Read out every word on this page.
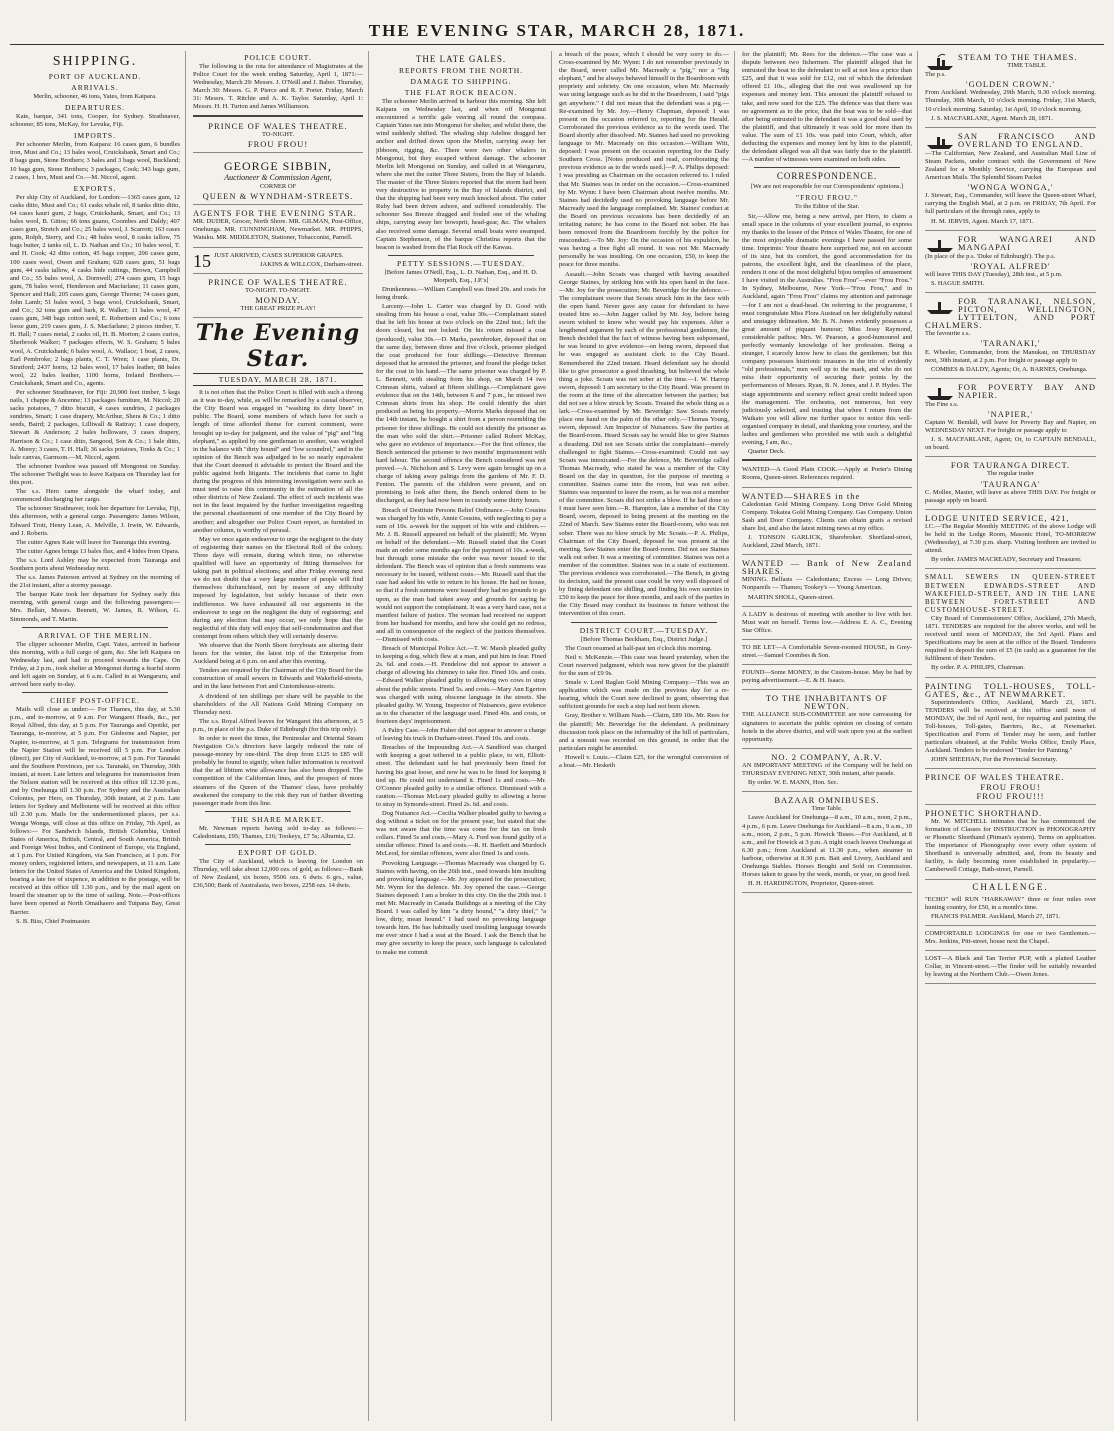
THE EVENING STAR, MARCH 28, 1871.
SHIPPING.
PORT OF AUCKLAND.
ARRIVALS.

Merlin, schooner, 46 tons, Yates, from Kaipara.

DEPARTURES.

Kate, barque, 341 tons, Cooper, for Sydney. Strathnaver, schooner, 85 tons, McKay, for Levuka, Fiji.

IMPORTS.

Per schooner Merlin, from Kaipara: 16 cases gum, 6 bundles iron, Must and Co.; 13 bales wool, Cruickshank, Smart and Co.; 8 bags gum, Stone Brothers; 3 bales and 3 bags wool, Buckland; 10 bags gum, Stone Brothers; 3 packages, Cook; 343 bags gum, 2 cases, 1 box, Must and Co.—M. Niccol, agent.

EXPORTS.

Per ship City of Auckland, for London:—1365 cases gum, 12 casks ditto, Must and Co.; 61 casks whale oil, 8 tanks ditto ditto, 64 cases kauri gum, 2 bags, Cruickshank, Smart, and Co.; 13 bales wool, B. Gittos; 66 tons guano, Coombes and Daldy; 407 cases gum, Stretch and Co.; 25 bales wool, J. Scarrott; 163 cases gum, Rolph, Sterry, and Co.; 48 bales wool, 8 casks tallow, 75 bags butter, 2 tanks oil, L. D. Nathan and Co.; 10 bales wool, T. and H. Cook; 42 ditto cotton, 45 bags copper, 206 cases gum, 100 cases wool, Owen and Graham; 628 cases gum, 51 bags gum, 44 casks tallow, 4 casks hide cuttings, Brown, Campbell and Co.; 55 bales wool, A. Dornwell; 274 cases gum, 15 bags gum, 78 bales wool, Henderson and Macfarlane; 11 cases gum, Spencer and Hall; 205 cases gum, George Thorne; 74 cases gum, John Lamb; 51 bales wool, 3 bags wool, Cruickshank, Smart, and Co.; 32 tons gum and bark, R. Walker; 11 bales wool, 47 cases gum, 348 bags cotton seed, E. Robertson and Co.; 6 tons loose gum, 219 cases gum, J. S. Macfarlane; 2 pieces timber, T. H. Hall; 7 cases metal, 2 casks oil, H. B. Morton; 2 cases curios, Sherbrook Walker; 7 packages effects, W. S. Graham; 5 bales wool, A. Cruickshank; 6 bales wool, A. Wallace; 1 boat, 2 cases, Earl Pembroke; 2 bags plants, C. T. Wren; 1 case plants, Dr. Stratford; 2437 horns, 12 bales wool, 17 bales leather, 88 bales wool, 22 bales leather, 1100 horns, Ireland Brothers.—Cruickshank, Smart and Co., agents.

Per schooner Strathnaver, for Fiji: 20,900 feet timber, 5 kegs nails, 1 chappe & Ancenne; 13 packages furniture, M. Niccol; 20 sacks potatoes, 7 ditto biscuit, 4 cases sundries, 2 packages sundries, Smart; 1 case drapery, McArthur, Shera & Co.; 1 ditto seeds, Baird; 2 packages, Lilliwall & Rattray; 1 case drapery, Stewart & Anderson; 2 bales holloware, 3 cases drapery, Harrison & Co.; 1 case ditto, Sangood, Son & Co.; 1 bale ditto, A. Morey; 3 cases, T. H. Hall; 36 sacks potatoes, Tonks & Co.; 1 bale canvas, Garmson.—M. Niccol, agent.

The schooner Ivanhoe was passed off Mongonui on Sunday. The schooner Twilight was to leave Kaipara on Thursday last for this port.

The s.s. Hero came alongside the wharf today, and commenced discharging her cargo.

The schooner Strathnaver, took her departure for Levuka, Fiji, this afternoon, with a general cargo. Passengers: James Wilson, Edward Trott, Henry Lean, A. Melville, J. Irwin, W. Edwards, and J. Roberts.

The cutter Agnes Kate will leave for Tauranga this evening.

The cutter Agnes brings 13 bales flax, and 4 hides from Opara.

The s.s. Lord Ashley may be expected from Tauranga and Southern ports about Wednesday next.

The s.s. James Paterson arrived at Sydney on the morning of the 21st instant, after a stormy passage.

The barque Kate took her departure for Sydney early this morning, with general cargo and the following passengers:—Mrs. Bellair, Messrs. Bennett, W. James, R. Wilson, G. Simmonds, and T. Martin.

ARRIVAL OF THE MERLIN.

The clipper schooner Merlin, Capt. Yates, arrived in harbour this morning, with a full cargo of gum, &c. She left Kaipara on Wednesday last, and had to proceed towards the Cape. On Friday, at 2 p.m., took shelter at Mongonui during a fearful storm and left again on Sunday, at 6 a.m. Called in at Wangaruru, and arrived here early to-day.

CHIEF POST-OFFICE.

Mails will close as under:— For Thames, this day, at 5.30 p.m., and to-morrow, at 9 a.m. For Wangarei Heads, &c., per Royal Alfred, this day, at 5 p.m. For Tauranga and Opotiki, per Tauranga, to-morrow, at 5 p.m. For Gisborne and Napier, per Napier, to-morrow, at 5 p.m. Telegrams for transmission from the Napier Station will be received till 5 p.m. For London (direct), per City of Auckland, to-morrow, at 5 p.m. For Taranaki and the Southern Provinces, per s.s. Taranaki, on Thursday, 30th instant, at noon. Late letters and telegrams for transmission from the Nelson station will be received at this office till 12.30 p.m., and by Onehunga till 1.30 p.m. For Sydney and the Australian Colonies, per Hero, on Thursday, 30th instant, at 2 p.m. Late letters for Sydney and Melbourne will be received at this office till 2.30 p.m. Mails for the undermentioned places, per s.s. Wonga Wonga, will close at this office on Friday, 7th April, as follows:— For Sandwich Islands, British Columbia, United States of America, British, Central, and South America, British and Foreign West Indies, and Continent of Europe, via England, at 1 p.m. For United Kingdom, via San Francisco, at 1 p.m. For money orders, registered letters, and newspapers, at 11 a.m. Late letters for the United States of America and the United Kingdom, bearing a late fee of sixpence, in addition to the postage, will be received at this office till 1.30 p.m., and by the mail agent on board the steamer up to the time of sailing. Note.—Post-offices have been opened at North Omaihaero and Tuipana Bay, Great Barrier.

S. B. Biss, Chief Postmaster.

POLICE COURT.

The following is the rota for attendance of Magistrates at the Police Court for the week ending Saturday, April 1, 1871:— Wednesday, March 29: Messrs. J. O'Neill and J. Baber. Thursday, March 30: Messrs. G. P. Pierce and R. F. Porter. Friday, March 31: Messrs. T. Ritchie and A. K. Taylor. Saturday, April 1: Messrs. H. H. Turton and James Williamson.

PRINCE OF WALES THEATRE.

TO-NIGHT.

FROU FROU!

GEORGE SIBBIN,

Auctioneer & Commission Agent,

CORNER OF

QUEEN & WYNDHAM-STREETS.

AGENTS FOR THE EVENING STAR.

MR. DUDER, Grocer, North Shore. MR. GILMAN, Post-Office, Onehunga. MR. CUNNINGHAM, Newmarket. MR. PHIPPS, Waiuku. MR. MIDDLETON, Stationer, Tobacconist, Parnell.

15 JUST ARRIVED, CASES SUPERIOR GRAPES.

JAKINS & WILLCOX, Durham-street.

PRINCE OF WALES THEATRE.

TO-NIGHT. TO-NIGHT.

MONDAY.

THE GREAT PRIZE PLAY!

The Evening Star.
TUESDAY, MARCH 28, 1871.

It is not often that the Police Court is filled with such a throng as it was to-day, while, as will be remarked by a casual observer, the City Board was engaged in "washing its dirty linen" in public. The Board, some members of which have for such a length of time afforded theme for current comment, were brought up to-day for judgment, and the value of "pig" and "big elephant," as applied by one gentleman to another, was weighed in the balance with "dirty hound" and "low scoundrel," and in the opinion of the Bench was adjudged to be so nearly equivalent that the Court deemed it advisable to protect the Board and the public against both litigants. The incidents that came to light during the progress of this interesting investigation were such as must tend to raise this community in the estimation of all the other districts of New Zealand. The effect of such incidents was not in the least impaired by the further investigation regarding the personal chastisement of one member of the City Board by another; and altogether our Police Court report, as furnished in another column, is worthy of perusal.

May we once again endeavour to urge the negligent to the duty of registering their names on the Electoral Roll of the colony. Three days will remain, during which time, no otherwise qualified will have an opportunity of fitting themselves for taking part in political elections; and after Friday evening next we do not doubt that a very large number of people will find themselves disfranchised, not by reason of any difficulty imposed by legislation, but solely because of their own indifference. We have exhausted all our arguments in the endeavour to urge on the negligent the duty of registering; and during any election that may occur, we only hope that the neglectful of this duty will enjoy that self-condemnation and that contempt from others which they will certainly deserve.

We observe that the North Shore ferryboats are altering their hours for the winter, the latest trip of the Enterprise from Auckland being at 6 p.m. on and after this evening.

Tenders are required by the Chairman of the City Board for the construction of small sewers in Edwards and Wakefield-streets, and in the lane between Fort and Customhouse-streets.

A dividend of ten shillings per share will be payable to the shareholders of the All Nations Gold Mining Company on Thursday next.

The s.s. Royal Alfred leaves for Wangarei this afternoon, at 5 p.m., in place of the p.s. Duke of Edinburgh (for this trip only).

In order to meet the times, the Peninsular and Oriental Steam Navigation Co.'s directors have largely reduced the rate of passage-money by one-third. The drop from £125 to £85 will probably be found to signify, when fuller information is received that the ad libitum wine allowance has also been dropped. The competition of the Californian lines, and the prospect of more steamers of the Queen of the Thames' class, have probably awakened the company to the risk they run of further diverting passenger trade from this line.

THE SHARE MARKET.

Mr. Newman reports having sold to-day as follows:—Caledonians, £95; Thames, £16; Tookeys, £7 5s; Alburnia, £2.

EXPORT OF GOLD.

The City of Auckland, which is leaving for London on Thursday, will take about 12,000 ozs. of gold, as follows:—Bank of New Zealand, six boxes, 9506 ozs. 6 dwts. 6 grs., value, £36,500; Bank of Australasia, two boxes, 2258 ozs. 14 dwts.

THE LATE GALES.
REPORTS FROM THE NORTH.
DAMAGE TO SHIPPING.
THE FLAT ROCK BEACON.

The schooner Merlin arrived in harbour this morning. She left Kaipara on Wednesday last, and when off Mongonui encountered a terrific gale veering all round the compass. Captain Yates ran into Mongonui for shelter, and whilst there, the wind suddenly shifted. The whaling ship Adeline dragged her anchor and drifted down upon the Merlin, carrying away her jibboom, rigging, &c. There were two other whalers in Mongonui, but they escaped without damage. The schooner Merlin left Mongonui on Sunday, and called in at Wangaruru, where she met the cutter Three Sisters, from the Bay of Islands. The master of the Three Sisters reported that the storm had been very destructive to property in the Bay of Islands district, and that the shipping had been very much knocked about. The cutter Ruby had been driven ashore, and suffered considerably. The schooner Sea Breeze dragged and fouled one of the whaling ships, carrying away her bowsprit, head-gear, &c. The whalers also received some damage. Several small boats were swamped. Captain Stephenson, of the barque Christina reports that the beacon is washed from the Flat Rock off the Kawau.

PETTY SESSIONS.—TUESDAY.

[Before James O'Neill, Esq., L. D. Nathan, Esq., and H. D. Morpeth, Esq., J.P.'s]

Drunkenness.—William Campbell was fined 20s. and costs for being drunk.

Larceny.—John L. Carter was charged by D. Good with stealing from his house a coat, value 30s.—Complainant stated that he left his house at two o'clock on the 22nd inst.; left the doors closed, but not locked. On his return missed a coat (produced), value 30s.—D. Marks, pawnbroker, deposed that on the same day, between three and five o'clock, prisoner pledged the coat produced for four shillings.—Detective Brennan deposed that he arrested the prisoner, and found the pledge ticket for the coat in his hand.—The same prisoner was charged by P. L. Bennett, with stealing from his shop, on March 14 two Crimean shirts, valued at fifteen shillings.—Complainant gave evidence that on the 14th, between 6 and 7 p.m., he missed two Crimean shirts from his shop. He could identify the shirt produced as being his property.—Morris Marks deposed that on the 14th instant, he bought a shirt from a person resembling the prisoner for three shillings. He could not identify the prisoner as the man who sold the shirt.—Prisoner called Robert McKay, who gave no evidence of importance.—For the first offence, the Bench sentenced the prisoner to two months' imprisonment with hard labour. The second offence the Bench considered was not proved.—A. Nicholson and S. Levy were again brought up on a charge of taking away palings from the gardens of Mr. F. D. Fenton. The parents of the children were present, and on promising to look after them, the Bench ordered them to be discharged, as they had now been in custody some thirty hours.

Breach of Destitute Persons Relief Ordinance.—John Cousins was charged by his wife, Annie Cousins, with neglecting to pay a sum of 10s. a-week for the support of his wife and children.—Mr. J. B. Russell appeared on behalf of the plaintiff; Mr. Wynn on behalf of the defendant.—Mr. Russell stated that the Court made an order some months ago for the payment of 10s. a-week, but through some mistake the order was never issued to the defendant. The Bench was of opinion that a fresh summons was necessary to be issued, without costs.—Mr. Russell said that the case had asked his wife to return to his house. He had no house, so that if a fresh summons were issued they had no grounds to go upon, as the man had taken away and grounds for saying he would not support the complainant. It was a very hard case, not a manifest failure of justice. The woman had received no support from her husband for months, and how she could get no redress, and all in consequence of the neglect of the justices themselves.—Dismissed with costs.

Breach of Municipal Police Act.—T. W. Marsh pleaded guilty to keeping a dog, which flew at a man, and put him in fear. Fined 2s. 6d. and costs.—H. Pendelow did not appear to answer a charge of allowing his chimney to take fire. Fined 10s. and costs.—Edward Walker pleaded guilty to allowing two cows to stray about the public streets. Fined 5s. and costs.—Mary Ann Egerton was charged with using obscene language in the streets. She pleaded guilty. W. Young, Inspector of Nuisances, gave evidence as to the character of the language used. Fined 40s. and costs, or fourteen days' imprisonment.

A Paltry Case.—John Fisher did not appear to answer a charge of leaving his truck in Durham-street. Fined 10s. and costs.

Breaches of the Impounding Act.—A Sandford was charged with keeping a goat tethered in a public place, to wit, Elliott-street. The defendant said he had previously been fined for having his goat loose, and now he was to be fined for keeping it tied up. He could not understand it. Fined 1s and costs.—Mr. O'Connor pleaded guilty to a similar offence. Dismissed with a caution.—Thomas McLeary pleaded guilty to allowing a horse to stray in Symonds-street. Fined 2s. 6d. and costs.

Dog Nuisance Act.—Cecilia Walker pleaded guilty to having a dog without a ticket on for the present year, but stated that she was not aware that the time was come for the tax on fresh collars. Fined 5s and costs.—Mary A. Ford was found guilty of a similar offence. Fined 1s and costs.—R. H. Bartlett and Murdoch McLeod, for similar offences, were also fined 1s and costs.

Provoking Language.—Thomas Macready was charged by G. Staines with having, on the 26th inst., used towards him insulting and provoking language.—Mr. Joy appeared for the prosecution; Mr. Wynn for the defence. Mr. Joy opened the case.—George Staines deposed: I am a broker in this city. On the the 20th inst. I met Mr. Macready in Canada Buildings at a meeting of the City Board. I was called by him "a dirty hound," "a dirty thief," "a low, dirty, mean hound." I had used no provoking language towards him. He has habitually used insulting language towards me ever since I had a seat at the Board. I ask the Bench that he may give security to keep the peace, such language is calculated to make me commit

a breach of the peace, which I should be very sorry to do.—Cross-examined by Mr. Wynn: I do not remember previously in the Board, never called Mr. Macready a "pig," nor a "big elephant," and he always behaved himself in the Boardroom with propriety and sobriety. On one occasion, when Mr. Macready was using language such as he did in the Boardroom, I said "pigs get anywhere." I did not mean that the defendant was a pig.—Re-examined by Mr. Joy.—Henry Chapman, deposed: I was present on the occasion referred to, reporting for the Herald. Corroborated the previous evidence as to the words used. The Board shortly after dissolved. Mr. Staines had used no provoking language to Mr. Macready on this occasion.—William Witt, deposed: I was present on the occasion reporting for the Daily Southern Cross. [Notes produced and read, corroborating the previous evidence as to the words used.]—P. A. Philips deposed: I was presiding as Chairman on the occasion referred to. I ruled that Mr. Staines was in order on the occasion.—Cross-examined by Mr. Wynn: I have been Chairman about twelve months. Mr. Staines had decidedly used no provoking language before Mr. Macready used the language complained. Mr. Staines' conduct at the Board on previous occasions has been decidedly of an irritating nature; he has come to the Board not sober. He has been removed from the Boardroom forcibly by the police for misconduct.—To Mr. Joy: On the occasion of his expulsion, he was having a free fight all round. It was not Mr. Macready personally he was insulting. On one occasion, £50, to keep the peace for three months.

Assault.—John Scoats was charged with having assaulted George Staines, by striking him with his open hand in the face.—Mr. Joy for the prosecution; Mr. Beveridge for the defence.—The complainant swore that Scoats struck him in the face with the open hand. Never gave any cause for defendant to have treated him so.—John Jagger called by Mr. Joy, before being sworn wished to know who would pay his expenses. After a lengthened argument by each of the professional gentlemen, the Bench decided that the fact of witness having been subpoenaed, he was bound to give evidence—on being sworn, deposed that he was engaged as assistant clerk to the City Board. Remembered the 22nd instant. Heard defendant say he should like to give prosecutor a good thrashing, but believed the whole thing a joke. Scoats was not sober at the time.—I. W. Harrop sworn, deposed: I am secretary to the City Board. Was present in the room at the time of the altercation between the parties; but did not see a blow struck by Scoats. Treated the whole thing as a lark.—Cross-examined by Mr. Beveridge: Saw Scoats merely place one hand on the palm of the other only.—Thomas Young, sworn, deposed: Am Inspector of Nuisances. Saw the parties at the Board-room. Heard Scoats say he would like to give Staines a thrashing. Did not see Scoats strike the complainant—merely challenged to fight Staines.—Cross-examined: Could not say Scoats was intoxicated.—For the defence, Mr. Beveridge called Thomas Macready, who stated he was a member of the City Board on the day in question, for the purpose of meeting a committee. Staines came into the room, but was not sober. Staines was requested to leave the room, as he was not a member of the committee. Scoats did not strike a blow. If he had done so I must have seen him.—R. Hampton, late a member of the City Board, sworn, deposed to being present at the meeting on the 22nd of March. Saw Staines enter the Board-room, who was not sober. There was no blow struck by Mr. Scoats.—P. A. Philips, Chairman of the City Board, deposed he was present at the meeting. Saw Staines enter the Board-room. Did not see Staines walk out sober. It was a meeting of committee. Staines was not a member of the committee. Staines was in a state of excitement. The previous evidence was corroborated.—The Bench, in giving its decision, said the present case could be very well disposed of by fining defendant one shilling, and finding his own sureties in £50 to keep the peace for three months, and each of the parties in the City Board may conduct its business in future without the intervention of this court.

DISTRICT COURT.—TUESDAY.

[Before Thomas Beckham, Esq., District Judge.]

The Court resumed at half-past ten o'clock this morning.

Neil v. McKenzie.—This case was heard yesterday, when the Court reserved judgment, which was now given for the plaintiff for the sum of £9 9s.

Smale v. Lord Raglan Gold Mining Company.—This was an application which was made on the previous day for a re-hearing, which the Court now declined to grant, observing that sufficient grounds for such a step had not been shown.

Gray, Brother v. William Nash.—Claim, £89 10s. Mr. Rees for the plaintiff; Mr. Beveridge for the defendant. A preliminary discussion took place on the informality of the bill of particulars, and a nonsuit was recorded on this ground, in order that the particulars might be amended.

Howell v. Louis.—Claim £25, for the wrongful conversion of a boat.—Mr. Hesketh

for the plaintiff; Mr. Rees for the defence.—The case was a dispute between two fishermen. The plaintiff alleged that he entrusted the boat to the defendant to sell at not less a price than £25, and that it was sold for £12, out of which the defendant offered £1 10s., alleging that the rest was swallowed up for expenses and money lent. This amount the plaintiff refused to take, and now sued for the £25. The defence was that there was no agreement as to the price, that the boat was to be sold—that after being entrusted to the defendant it was a good deal used by the plaintiff, and that ultimately it was sold for more than its value. The sum of £1 10s. was paid into Court, which, after deducting the expenses and money lent by him to the plaintiff, the defendant alleged was all that was fairly due to the plaintiff.—A number of witnesses were examined on both sides.

CORRESPONDENCE.

[We are not responsible for our Correspondents' opinions.]

"FROU FROU."

To the Editor of the Star.

Sir,—Allow me, being a new arrival, per Hero, to claim a small space in the columns of your excellent journal, to express my thanks to the lessee of the Prince of Wales Theatre, for one of the most enjoyable dramatic evenings I have passed for some time. Imprimis: Your theatre here surprised me, not on account of its size, but its comfort, the good accommodation for its patrons, the excellent light, and the cleanliness of the place, renders it one of the most delightful bijou temples of amusement I have visited in the Australias. "Frou Frou"—ever "Frou Frou." In Sydney, Melbourne, New York—"Frou Frou," and in Auckland, again "Frou Frou" claims my attention and patronage—for I am not a dead-head. On referring to the programme, I must congratulate Miss Flora Austead on her delightfully natural and unstagey delineation. Mr. B. N. Jones evidently possesses a great amount of piquant humour; Miss Jessy Raymond, considerable pathos; Mrs. W. Pearson, a good-humoured and perfectly womanly knowledge of her profession. Being a stranger, I scarcely know how to class the gentlemen; but this company possesses histrionic treasures in the trio of evidently "old professionals," men well up to the mark, and who do not miss their opportunity of securing their points by the performances of Messrs. Ryan, B. N. Jones, and J. P. Hydes. The stage appointments and scenery reflect great credit indeed upon the management. The orchestra, not numerous, but very judiciously selected, and trusting that when I return from the Waikato you will allow me further space to notice this well-organised company in detail, and thanking your courtesy, and the ladies and gentlemen who provided me with such a delightful evening, I am, &c.,

Quarter Deck.

WANTED—A Good Plain COOK.—Apply at Porter's Dining Rooms, Queen-street. References required.

WANTED—SHARES in the

Caledonian Gold Mining Company. Long Drive Gold Mining Company. Tokatea Gold Mining Company. Gas Company. Union Sash and Door Company. Clients can obtain gratis a revised share list, and also the latest mining news at my office.

J. TONSON GARLICK, Sharebroker. Shortland-street, Auckland, 22nd March, 1871.

WANTED — Bank of New Zealand SHARES.

MINING. Belfasts — Caledonians; Excess — Long Drives; Nonpareils — Thames; Tookey's — Young American.

MARTIN SHOLL, Queen-street.

A LADY is desirous of meeting with another to live with her. Must wait on herself. Terms low.—Address E. A. C., Evening Star Office.

TO BE LET—A Comfortable Seven-roomed HOUSE, in Grey-street.—Samuel Coombes & Son.

FOUND—Some MONEY, in the Custom-house. May be had by paying advertisement.—E. & H. Isaacs.

TO THE INHABITANTS OF NEWTON.

THE ALLIANCE SUB-COMMITTEE are now canvassing for signatures to ascertain the public opinion on closing of certain hotels in the above district, and will wait upon you at the earliest opportunity.

NO. 2 COMPANY, A.R.V.

AN IMPORTANT MEETING of the Company will be held on THURSDAY EVENING NEXT, 30th instant, after parade.

By order. W. E. MANN, Hon. Sec.

BAZAAR OMNIBUSES.

Time Table.

Leave Auckland for Onehunga—8 a.m., 10 a.m., noon, 2 p.m., 4 p.m., 6 p.m. Leave Onehunga for Auckland—8 a.m., 9 a.m., 10 a.m., noon, 2 p.m., 5 p.m. Howick 'Buses.—For Auckland, at 8 a.m., and for Howick at 3 p.m. A night coach leaves Onehunga at 6.30 p.m.; from Auckland at 11.30 p.m., when steamer in harbour, otherwise at 8.30 p.m. Bait and Livery, Auckland and Onehunga Stables. Horses Bought and Sold on Commission. Horses taken to grass by the week, month, or year, on good feed.

H. H. HARDINGTON, Proprietor, Queen-street.

STEAM TO THE THAMES.

TIME TABLE.

The p.s.

'GOLDEN CROWN.'

From Auckland. Wednesday, 29th March, 9.30 o'clock morning. Thursday, 30th March, 10 o'clock morning. Friday, 31st March, 10 o'clock morning. Saturday, 1st April, 10 o'clock morning.

J. S. MACFARLANE, Agent. March 28, 1871.

SAN FRANCISCO AND OVERLAND TO ENGLAND.

—The Californian, New Zealand, and Australian Mail Line of Steam Packets, under contract with the Government of New Zealand for a Monthly Service, carrying the European and American Mails. The Splendid Steam Packet

'WONGA WONGA,'

J. Stewart, Esq., Commander, will leave the Queen-street Wharf, carrying the English Mail, at 2 p.m. on FRIDAY, 7th April. For full particulars of the through rates, apply to

H. M. JERVIS, Agent. March 17, 1871.

FOR WANGAREI AND MANGAPAI

(In place of the p.s. 'Duke of Edinburgh'). The p.s.

'ROYAL ALFRED'

will leave THIS DAY (Tuesday), 28th inst., at 5 p.m.

S. HAGUE SMITH.

FOR TARANAKI, NELSON, PICTON, WELLINGTON, LYTTELTON, AND PORT CHALMERS.

The favourite s.s.

'TARANAKI,'

E. Wheeler, Commander, from the Manukau, on THURSDAY next, 30th instant, at 2 p.m. For freight or passage apply to

COMBES & DALDY, Agents; Or, A. BARNES, Onehunga.

FOR POVERTY BAY AND NAPIER.

The Fine s.s.

'NAPIER,'

Captain W. Bendall, will leave for Poverty Bay and Napier, on WEDNESDAY NEXT. For freight or passage apply to

J. S. MACFARLANE, Agent; Or, to CAPTAIN BENDALL, on board.

FOR TAURANGA DIRECT.

The regular trader

'TAURANGA'

C. Mollee, Master, will leave as above THIS DAY. For freight or passage apply on board.

LODGE UNITED SERVICE, 421,

I.C.—The Regular Monthly MEETING of the above Lodge will be held in the Lodge Room, Masonic Hotel, TO-MORROW (Wednesday), at 7.30 p.m. sharp. Visiting brethren are invited to attend.

By order. JAMES MACREADY, Secretary and Treasurer.

SMALL SEWERS IN QUEEN-STREET BETWEEN EDWARDS-STREET AND WAKEFIELD-STREET, AND IN THE LANE BETWEEN FORT-STREET AND CUSTOMHOUSE-STREET.

City Board of Commissioners' Office, Auckland, 27th March, 1871. TENDERS are required for the above works, and will be received until noon of MONDAY, the 3rd April. Plans and Specifications may be seen at the office of the Board. Tenderers required to deposit the sum of £5 (in cash) as a guarantee for the fulfilment of their Tenders.

By order. P. A. PHILIPS, Chairman.

PAINTING TOLL-HOUSES, TOLL-GATES, &c., AT NEWMARKET.

Superintendent's Office, Auckland, March 23, 1871. TENDERS will be received at this office until noon of MONDAY, the 3rd of April next, for repairing and painting the Toll-houses, Toll-gates, Barriers, &c., at Newmarket. Specification and Form of Tender may be seen, and further particulars obtained, at the Public Works Office, Emily Place, Auckland. Tenders to be endorsed "Tender for Painting."

JOHN SHEEHAN, For the Provincial Secretary.

PRINCE OF WALES THEATRE.

FROU FROU!

FROU FROU!!!

PHONETIC SHORTHAND.

Mr. W. MITCHELL intimates that he has commenced the formation of Classes for INSTRUCTION in PHONOGRAPHY or Phonetic Shorthand (Pitman's system). Terms on application. The importance of Phonography over every other system of Shorthand is universally admitted, and, from its beauty and facility, is daily becoming more established in popularity.—Camberwell Cottage, Bath-street, Parnell.

CHALLENGE.

"ECHO" will RUN "HARKAWAY" three or four miles over hunting country, for £50, in a month's time.

FRANCIS PALMER. Auckland, March 27, 1871.

COMFORTABLE LODGINGS for one or two Gentlemen.—Mrs. Jenkins, Pitt-street, house next the Chapel.

LOST—A Black and Tan Terrier PUP, with a plaited Leather Collar, in Vincent-street.—The finder will be suitably rewarded by leaving at the Northern Club.—Owen Jones.
